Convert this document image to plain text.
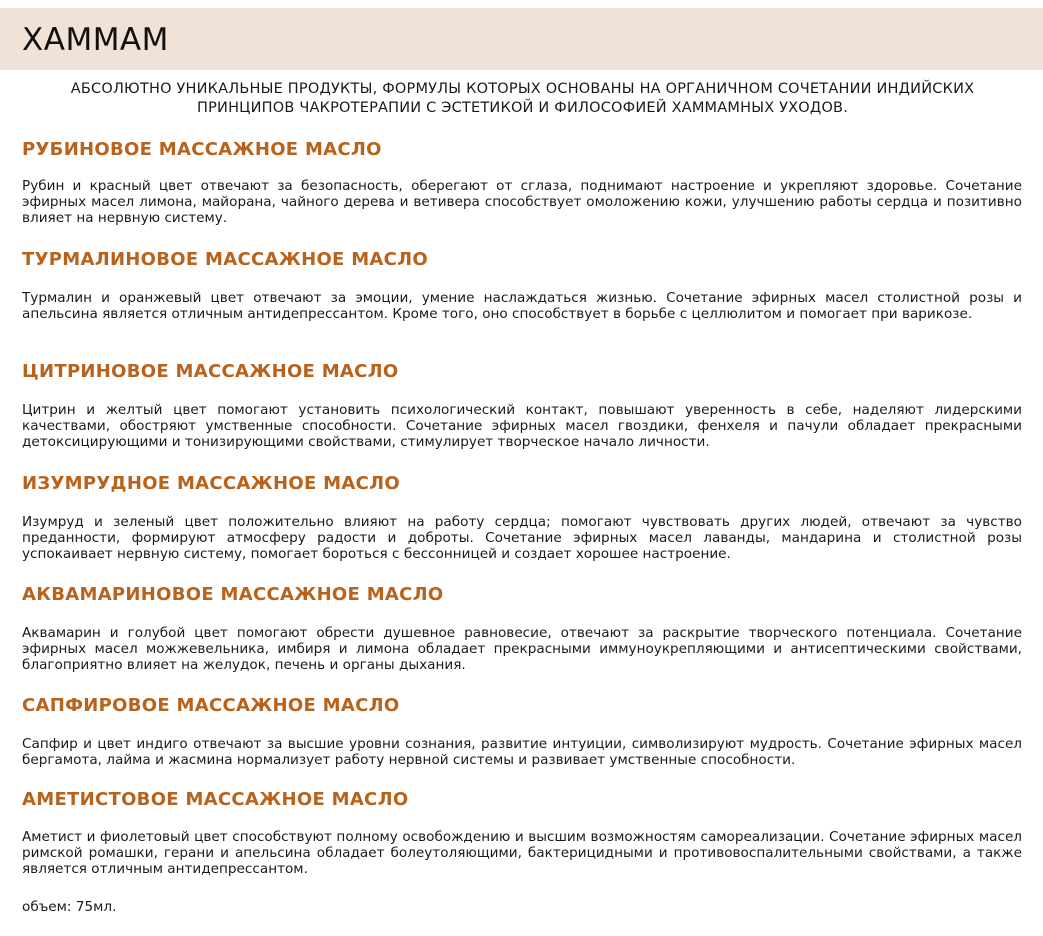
ХАММАМ
АБСОЛЮТНО УНИКАЛЬНЫЕ ПРОДУКТЫ, ФОРМУЛЫ КОТОРЫХ ОСНОВАНЫ НА ОРГАНИЧНОМ СОЧЕТАНИИ ИНДИЙСКИХ ПРИНЦИПОВ ЧАКРОТЕРАПИИ С ЭСТЕТИКОЙ И ФИЛОСОФИЕЙ ХАММАМНЫХ УХОДОВ.
РУБИНОВОЕ МАССАЖНОЕ МАСЛО
Рубин и красный цвет отвечают за безопасность, оберегают от сглаза, поднимают настроение и укрепляют здоровье. Сочетание эфирных масел лимона, майорана, чайного дерева и ветивера способствует омоложению кожи, улучшению работы сердца и позитивно влияет на нервную систему.
ТУРМАЛИНОВОЕ МАССАЖНОЕ МАСЛО
Турмалин и оранжевый цвет отвечают за эмоции, умение наслаждаться жизнью. Сочетание эфирных масел столистной розы и апельсина является отличным антидепрессантом. Кроме того, оно способствует в борьбе с целлюлитом и помогает при варикозе.
ЦИТРИНОВОЕ МАССАЖНОЕ МАСЛО
Цитрин и желтый цвет помогают установить психологический контакт, повышают уверенность в себе, наделяют лидерскими качествами, обостряют умственные способности. Сочетание эфирных масел гвоздики, фенхеля и пачули обладает прекрасными детоксицирующими и тонизирующими свойствами, стимулирует творческое начало личности.
ИЗУМРУДНОЕ МАССАЖНОЕ МАСЛО
Изумруд и зеленый цвет положительно влияют на работу сердца; помогают чувствовать других людей, отвечают за чувство преданности, формируют атмосферу радости и доброты. Сочетание эфирных масел лаванды, мандарина и столистной розы успокаивает нервную систему, помогает бороться с бессонницей и создает хорошее настроение.
АКВАМАРИНОВОЕ МАССАЖНОЕ МАСЛО
Аквамарин и голубой цвет помогают обрести душевное равновесие, отвечают за раскрытие творческого потенциала. Сочетание эфирных масел можжевельника, имбиря и лимона обладает прекрасными иммуноукрепляющими и антисептическими свойствами, благоприятно влияет на желудок, печень и органы дыхания.
САПФИРОВОЕ МАССАЖНОЕ МАСЛО
Сапфир и цвет индиго отвечают за высшие уровни сознания, развитие интуиции, символизируют мудрость. Сочетание эфирных масел бергамота, лайма и жасмина нормализует работу нервной системы и развивает умственные способности.
АМЕТИСТОВОЕ МАССАЖНОЕ МАСЛО
Аметист и фиолетовый цвет способствуют полному освобождению и высшим возможностям самореализации. Сочетание эфирных масел римской ромашки, герани и апельсина обладает болеутоляющими, бактерицидными и противовоспалительными свойствами, а также является отличным антидепрессантом.
объем: 75мл.
